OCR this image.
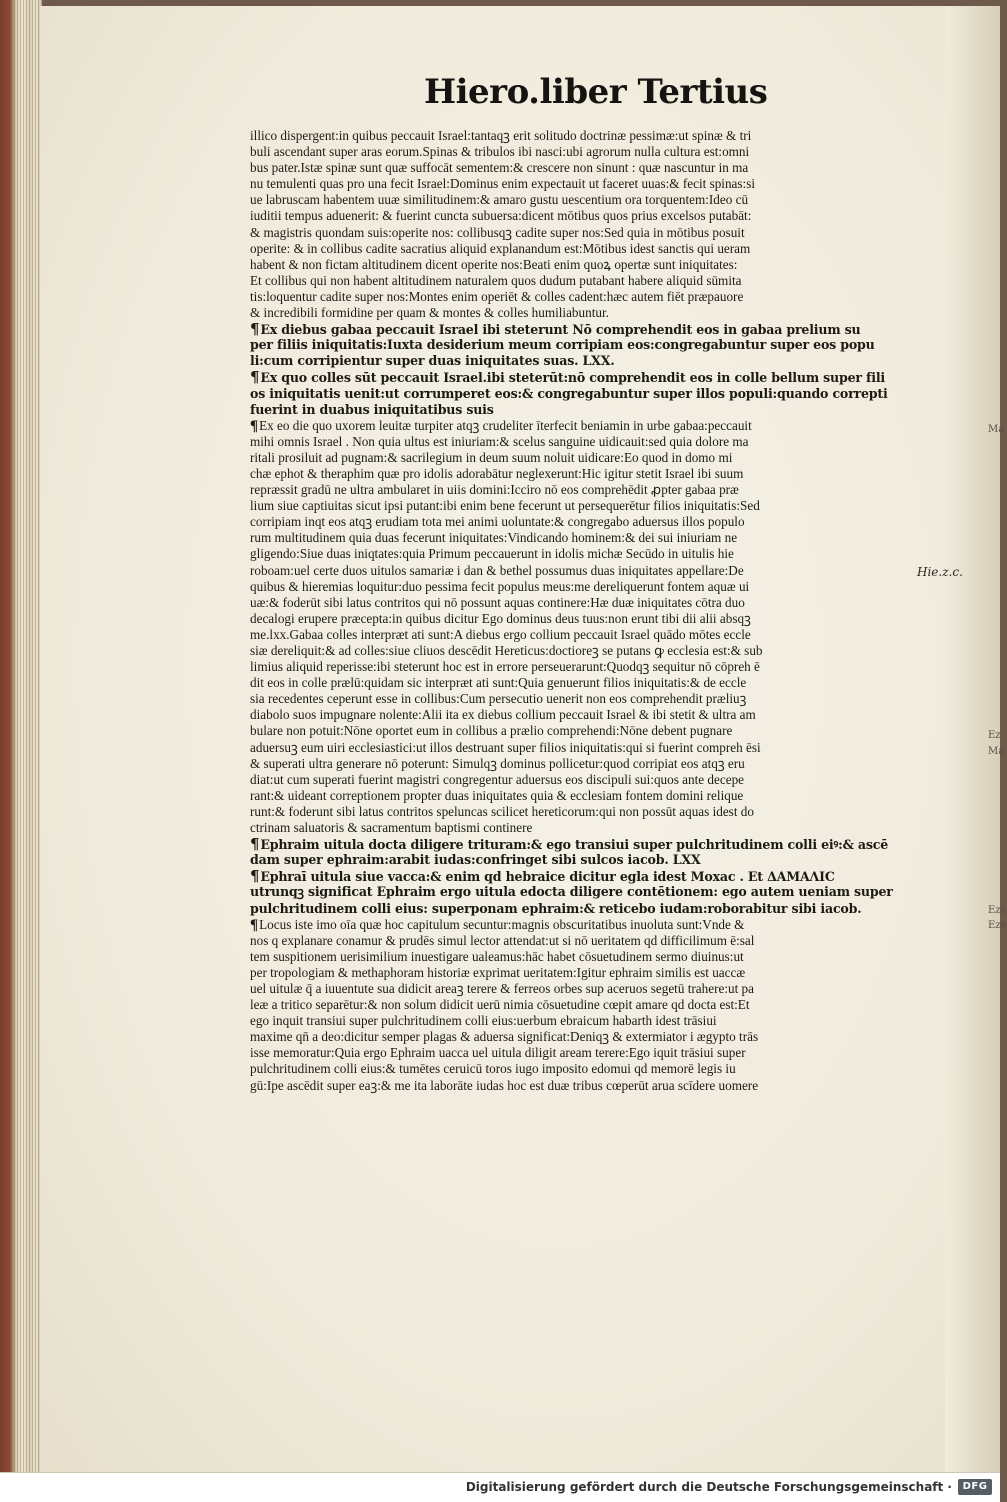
Hiero.liber Tertius
illico dispergent:in quibus peccauit Israel:tantaqꝫ erit solitudo doctrinæ pessimæ:ut spinæ & tri
buli ascendant super aras eorum.Spinas & tribulos ibi nasci:ubi agrorum nulla cultura est:omni
bus pater.Istæ spinæ sunt quæ suffocāt sementem:& crescere non sinunt : quæ nascuntur in ma
nu temulenti quas pro una fecit Israel:Dominus enim expectauit ut faceret uuas:& fecit spinas:si
ue labruscam habentem uuæ similitudinem:& amaro gustu uescentium ora torquentem:Ideo cū
iuditii tempus aduenerit: & fuerint cuncta subuersa:dicent mōtibus quos prius excelsos putabāt:
& magistris quondam suis:operite nos: collibusqꝫ cadite super nos:Sed quia in mōtibus posuit
operite: & in collibus cadite sacratius aliquid explanandum est:Mōtibus idest sanctis qui ueram
habent & non fictam altitudinem dicent operite nos:Beati enim quoꝝ opertæ sunt iniquitates:
Et collibus qui non habent altitudinem naturalem quos dudum putabant habere aliquid sūmita
tis:loquentur cadite super nos:Montes enim operiēt & colles cadent:hæc autem fiēt præpauore
& incredibili formidine per quam & montes & colles humiliabuntur.
¶Ex diebus gabaa peccauit Israel ibi steterunt Nō comprehendit eos in gabaa prelium su
per filiis iniquitatis:Iuxta desiderium meum corripiam eos:congregabuntur super eos popu
li:cum corripientur super duas iniquitates suas. LXX.
¶Ex quo colles sūt peccauit Israel.ibi steterūt:nō comprehendit eos in colle bellum super fili
os iniquitatis uenit:ut corrumperet eos:& congregabuntur super illos populi:quando correpti
fuerint in duabus iniquitatibus suis
¶Ex eo die quo uxorem leuitæ turpiter atqꝫ crudeliter īterfecit beniamin in urbe gabaa:peccauit
mihi omnis Israel . Non quia ultus est iniuriam:& scelus sanguine uidicauit:sed quia dolore ma
ritali prosiluit ad pugnam:& sacrilegium in deum suum noluit uidicare:Eo quod in domo mi
chæ ephot & theraphim quæ pro idolis adorabātur neglexerunt:Hic igitur stetit Israel ibi suum
repræssit gradū ne ultra ambularet in uiis domini:Icciro nō eos comprehēdit ꝓpter gabaa præ
lium siue captiuitas sicut ipsi putant:ibi enim bene fecerunt ut persequerētur filios iniquitatis:Sed
corripiam inqt eos atqꝫ erudiam tota mei animi uoluntate:& congregabo aduersus illos populo
rum multitudinem quia duas fecerunt iniquitates:Vindicando hominem:& dei sui iniuriam ne
gligendo:Siue duas iniqtates:quia Primum peccauerunt in idolis michæ Secūdo in uitulis hie
roboam:uel certe duos uitulos samariæ i dan & bethel possumus duas iniquitates appellare:De
quibus & hieremias loquitur:duo pessima fecit populus meus:me dereliquerunt fontem aquæ ui
uæ:& foderūt sibi latus contritos qui nō possunt aquas continere:Hæ duæ iniquitates cōtra duo
decalogi erupere præcepta:in quibus dicitur Ego dominus deus tuus:non erunt tibi dii alii absqꝫ
me.lxx.Gabaa colles interpræt ati sunt:A diebus ergo collium peccauit Israel quādo mōtes eccle
siæ dereliquit:& ad colles:siue cliuos descēdit Hereticus:doctioreꝫ se putans ꝙ ecclesia est:& sub
limius aliquid reperisse:ibi steterunt hoc est in errore perseuerarunt:Quodqꝫ sequitur nō cōpreh ē
dit eos in colle prælū:quidam sic interpræt ati sunt:Quia genuerunt filios iniquitatis:& de eccle
sia recedentes ceperunt esse in collibus:Cum persecutio uenerit non eos comprehendit præliuꝫ
diabolo suos impugnare nolente:Alii ita ex diebus collium peccauit Israel & ibi stetit & ultra am
bulare non potuit:Nōne oportet eum in collibus a prælio comprehendi:Nōne debent pugnare
aduersuꝫ eum uiri ecclesiastici:ut illos destruant super filios iniquitatis:qui si fuerint compreh ēsi
& superati ultra generare nō poterunt: Simulqꝫ dominus pollicetur:quod corripiat eos atqꝫ eru
diat:ut cum superati fuerint magistri congregentur aduersus eos discipuli sui:quos ante decepe
rant:& uideant correptionem propter duas iniquitates quia & ecclesiam fontem domini relique
runt:& foderunt sibi latus contritos speluncas scilicet hereticorum:qui non possūt aquas idest do
ctrinam saluatoris & sacramentum baptismi continere
¶Ephraim uitula docta diligere trituram:& ego transiui super pulchritudinem colli eiꝰ:& ascē
dam super ephraim:arabit iudas:confringet sibi sulcos iacob. LXX
¶Ephraī uitula siue vacca:& enim qd hebraice dicitur egla idest Moxac . Et ΔΑΜΑΛΙC
utrunqꝫ significat Ephraim ergo uitula edocta diligere contētionem: ego autem ueniam super
pulchritudinem colli eius: superponam ephraim:& reticebo iudam:roborabitur sibi iacob.
¶Locus iste imo oīa quæ hoc capitulum secuntur:magnis obscuritatibus inuoluta sunt:Vnde &
nos q explanare conamur & prudēs simul lector attendat:ut si nō ueritatem qd difficilimum ē:sal
tem suspitionem uerisimilium inuestigare ualeamus:hāc habet cōsuetudinem sermo diuinus:ut
per tropologiam & methaphoram historiæ exprimat ueritatem:Igitur ephraim similis est uaccæ
uel uitulæ q̄ a iuuentute sua didicit areaꝫ terere & ferreos orbes sup aceruos segetū trahere:ut pa
leæ a tritico separētur:& non solum didicit uerū nimia cōsuetudine cœpit amare qd docta est:Et
ego inquit transiui super pulchritudinem colli eius:uerbum ebraicum habarth idest trāsiui
maxime qn̄ a deo:dicitur semper plagas & aduersa significat:Deniqꝫ & extermiator i ægypto trās
isse memoratur:Quia ergo Ephraim uacca uel uitula diligit aream terere:Ego iquit trāsiui super
pulchritudinem colli eius:& tumētes ceruicū toros iugo imposito edomui qd memorē legis iu
gū:Ipe ascēdit super eaꝫ:& me ita laborāte iudas hoc est duæ tribus cœperūt arua scīdere uomere
Hie.z.c.
Ma
Ez
Ma
Eze
Eze
Digitalisierung gefördert durch die Deutsche Forschungsgemeinschaft ·	DFG
